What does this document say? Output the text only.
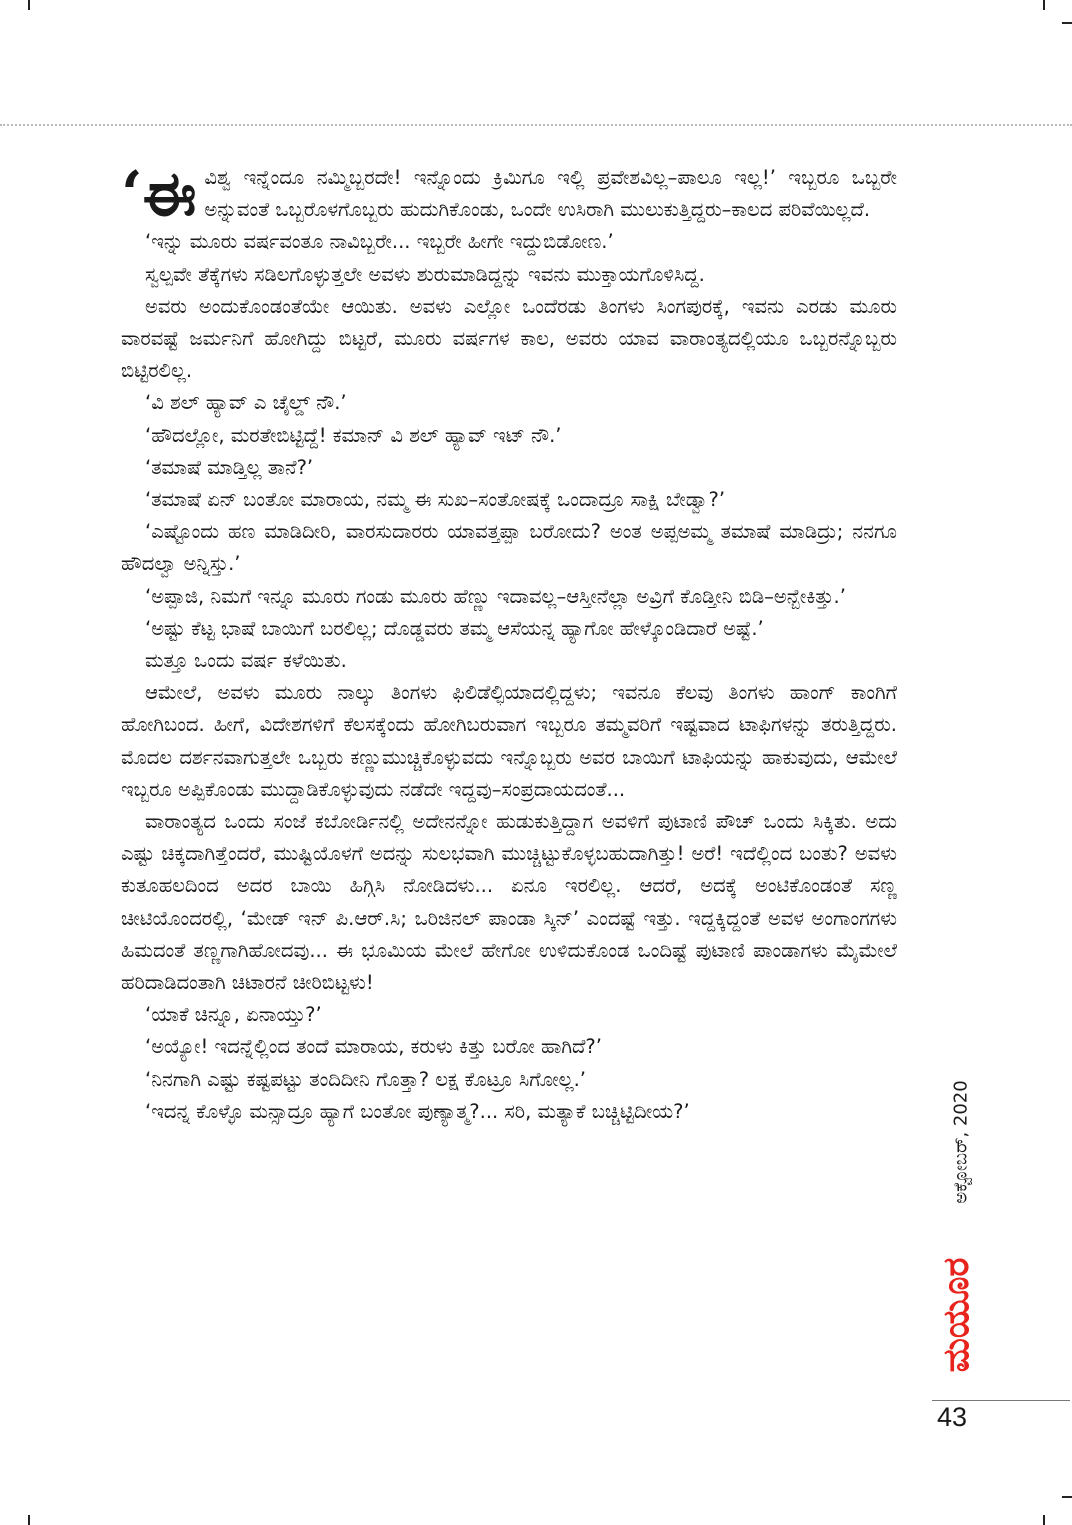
‘ಈವಿಶ್ವ ಇನ್ನೆಂದೂ ನಮ್ಮಿಬ್ಬರದೇ! ಇನ್ನೊಂದು ಕ್ರಿಮಿಗೂ ಇಲ್ಲಿ ಪ್ರವೇಶವಿಲ್ಲ–ಪಾಲೂ ಇಲ್ಲ!’ ಇಬ್ಬರೂ ಒಬ್ಬರೇ ಅನ್ನುವಂತೆ ಒಬ್ಬರೊಳಗೊಬ್ಬರು ಹುದುಗಿಕೊಂಡು, ಒಂದೇ ಉಸಿರಾಗಿ ಮುಲುಕುತ್ತಿದ್ದರು–ಕಾಲದ ಪರಿವೆಯಿಲ್ಲದೆ.

‘ಇನ್ನು ಮೂರು ವರ್ಷವಂತೂ ನಾವಿಬ್ಬರೇ... ಇಬ್ಬರೇ ಹೀಗೇ ಇದ್ದುಬಿಡೋಣ.’

ಸ್ವಲ್ಪವೇ ತೆಕ್ಕೆಗಳು ಸಡಿಲಗೊಳ್ಳುತ್ತಲೇ ಅವಳು ಶುರುಮಾಡಿದ್ದನ್ನು ಇವನು ಮುಕ್ತಾಯಗೊಳಿಸಿದ್ದ.

ಅವರು ಅಂದುಕೊಂಡಂತೆಯೇ ಆಯಿತು. ಅವಳು ಎಲ್ಲೋ ಒಂದೆರಡು ತಿಂಗಳು ಸಿಂಗಪುರಕ್ಕೆ, ಇವನು ಎರಡು ಮೂರು ವಾರವಷ್ಟೆ ಜರ್ಮನಿಗೆ ಹೋಗಿದ್ದು ಬಿಟ್ಟರೆ, ಮೂರು ವರ್ಷಗಳ ಕಾಲ, ಅವರು ಯಾವ ವಾರಾಂತ್ಯದಲ್ಲಿಯೂ ಒಬ್ಬರನ್ನೊಬ್ಬರು ಬಿಟ್ಟಿರಲಿಲ್ಲ.

‘ವಿ ಶಲ್ ಹ್ಯಾವ್ ಎ ಚೈಲ್ಡ್ ನೌ.’

‘ಹೌದಲ್ಲೋ, ಮರತೇಬಿಟ್ಟಿದ್ದೆ! ಕಮಾನ್ ವಿ ಶಲ್ ಹ್ಯಾವ್ ಇಟ್ ನೌ.’

‘ತಮಾಷೆ ಮಾಡ್ತಿಲ್ಲ ತಾನೆ?’

‘ತಮಾಷೆ ಏನ್ ಬಂತೋ ಮಾರಾಯ, ನಮ್ಮ ಈ ಸುಖ–ಸಂತೋಷಕ್ಕೆ ಒಂದಾದ್ರೂ ಸಾಕ್ಷಿ ಬೇಡ್ವಾ?’

‘ಎಷ್ಟೊಂದು ಹಣ ಮಾಡಿದೀರಿ, ವಾರಸುದಾರರು ಯಾವತ್ತಪ್ಪಾ ಬರೋದು? ಅಂತ ಅಪ್ಪಅಮ್ಮ ತಮಾಷೆ ಮಾಡಿದ್ರು; ನನಗೂ ಹೌದಲ್ವಾ ಅನ್ನಿಸ್ತು.’

‘ಅಪ್ಪಾಜಿ, ನಿಮಗೆ ಇನ್ನೂ ಮೂರು ಗಂಡು ಮೂರು ಹೆಣ್ಣು ಇದಾವಲ್ಲ–ಆಸ್ತೀನೆಲ್ಲಾ ಅವ್ರಿಗೆ ಕೊಡ್ತೀನಿ ಬಿಡಿ–ಅನ್ಬೇಕಿತ್ತು.’

‘ಅಷ್ಟು ಕೆಟ್ಟ ಭಾಷೆ ಬಾಯಿಗೆ ಬರಲಿಲ್ಲ; ದೊಡ್ಡವರು ತಮ್ಮ ಆಸೆಯನ್ನ ಹ್ಯಾಗೋ ಹೇಳ್ಕೊಂಡಿದಾರೆ ಅಷ್ಟೆ.’

ಮತ್ತೂ ಒಂದು ವರ್ಷ ಕಳೆಯಿತು.

ಆಮೇಲೆ, ಅವಳು ಮೂರು ನಾಲ್ಕು ತಿಂಗಳು ಫಿಲಿಡೆಲ್ಫಿಯಾದಲ್ಲಿದ್ದಳು; ಇವನೂ ಕೆಲವು ತಿಂಗಳು ಹಾಂಗ್ ಕಾಂಗಿಗೆ ಹೋಗಿಬಂದ. ಹೀಗೆ, ವಿದೇಶಗಳಿಗೆ ಕೆಲಸಕ್ಕೆಂದು ಹೋಗಿಬರುವಾಗ ಇಬ್ಬರೂ ತಮ್ಮವರಿಗೆ ಇಷ್ಟವಾದ ಟಾಫಿಗಳನ್ನು ತರುತ್ತಿದ್ದರು. ಮೊದಲ ದರ್ಶನವಾಗುತ್ತಲೇ ಒಬ್ಬರು ಕಣ್ಣುಮುಚ್ಚಿಕೊಳ್ಳುವದು ಇನ್ನೊಬ್ಬರು ಅವರ ಬಾಯಿಗೆ ಟಾಫಿಯನ್ನು ಹಾಕುವುದು, ಆಮೇಲೆ ಇಬ್ಬರೂ ಅಪ್ಪಿಕೊಂಡು ಮುದ್ದಾಡಿಕೊಳ್ಳುವುದು ನಡೆದೇ ಇದ್ದವು–ಸಂಪ್ರದಾಯದಂತೆ...

ವಾರಾಂತ್ಯದ ಒಂದು ಸಂಜೆ ಕಬೋರ್ಡಿನಲ್ಲಿ ಅದೇನನ್ನೋ ಹುಡುಕುತ್ತಿದ್ದಾಗ ಅವಳಿಗೆ ಪುಟಾಣಿ ಪೌಚ್ ಒಂದು ಸಿಕ್ಕಿತು. ಅದು ಎಷ್ಟು ಚಿಕ್ಕದಾಗಿತ್ತೆಂದರೆ, ಮುಷ್ಟಿಯೊಳಗೆ ಅದನ್ನು ಸುಲಭವಾಗಿ ಮುಚ್ಚಿಟ್ಟುಕೊಳ್ಳಬಹುದಾಗಿತ್ತು! ಅರೆ! ಇದೆಲ್ಲಿಂದ ಬಂತು? ಅವಳು ಕುತೂಹಲದಿಂದ ಅದರ ಬಾಯಿ ಹಿಗ್ಗಿಸಿ ನೋಡಿದಳು... ಏನೂ ಇರಲಿಲ್ಲ. ಆದರೆ, ಅದಕ್ಕೆ ಅಂಟಿಕೊಂಡಂತೆ ಸಣ್ಣ ಚೀಟಿಯೊಂದರಲ್ಲಿ, ‘ಮೇಡ್ ಇನ್ ಪಿ.ಆರ್.ಸಿ; ಒರಿಜಿನಲ್ ಪಾಂಡಾ ಸ್ಕಿನ್’ ಎಂದಷ್ಟೆ ಇತ್ತು. ಇದ್ದಕ್ಕಿದ್ದಂತೆ ಅವಳ ಅಂಗಾಂಗಗಳು ಹಿಮದಂತೆ ತಣ್ಣಗಾಗಿಹೋದವು... ಈ ಭೂಮಿಯ ಮೇಲೆ ಹೇಗೋ ಉಳಿದುಕೊಂಡ ಒಂದಿಷ್ಟೆ ಪುಟಾಣಿ ಪಾಂಡಾಗಳು ಮೈಮೇಲೆ ಹರಿದಾಡಿದಂತಾಗಿ ಚಿಟಾರನೆ ಚೀರಿಬಿಟ್ಟಳು!

‘ಯಾಕೆ ಚಿನ್ನೂ, ಏನಾಯ್ತು?’

‘ಅಯ್ಯೋ! ಇದನ್ನೆಲ್ಲಿಂದ ತಂದೆ ಮಾರಾಯ, ಕರುಳು ಕಿತ್ತು ಬರೋ ಹಾಗಿದೆ?’

‘ನಿನಗಾಗಿ ಎಷ್ಟು ಕಷ್ಟಪಟ್ಟು ತಂದಿದೀನಿ ಗೊತ್ತಾ? ಲಕ್ಷ ಕೊಟ್ರೂ ಸಿಗೋಲ್ಲ.’

‘ಇದನ್ನ ಕೊಳ್ಳೊ ಮನ್ಸಾದ್ರೂ ಹ್ಯಾಗೆ ಬಂತೋ ಪುಣ್ಯಾತ್ಮ?... ಸರಿ, ಮತ್ಯಾಕೆ ಬಚ್ಚಿಟ್ಟಿದೀಯ?’	ಅಕ್ಟೋಬರ್, 2020
ಮಯೂರ
43
